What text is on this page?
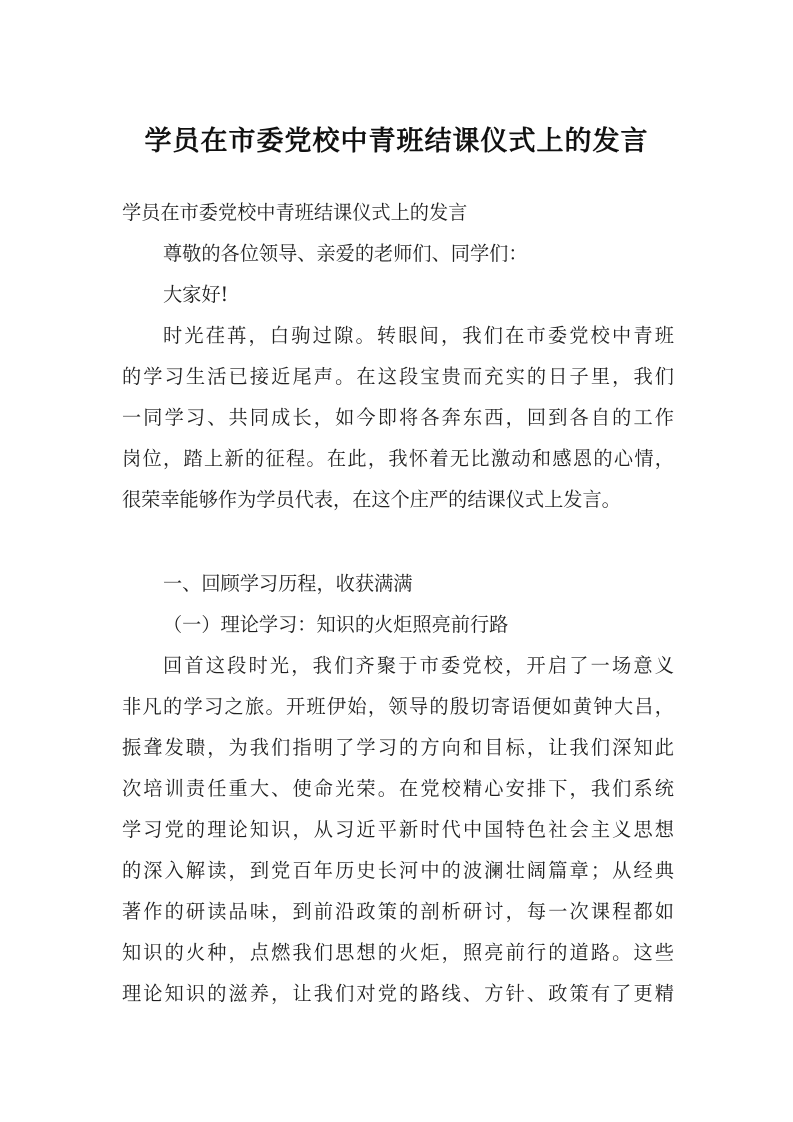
学员在市委党校中青班结课仪式上的发言
学员在市委党校中青班结课仪式上的发言
尊敬的各位领导、亲爱的老师们、同学们：
大家好!
时光荏苒，白驹过隙。转眼间，我们在市委党校中青班
的学习生活已接近尾声。在这段宝贵而充实的日子里，我们
一同学习、共同成长，如今即将各奔东西，回到各自的工作
岗位，踏上新的征程。在此，我怀着无比激动和感恩的心情，
很荣幸能够作为学员代表，在这个庄严的结课仪式上发言。
一、回顾学习历程，收获满满
（一）理论学习：知识的火炬照亮前行路
回首这段时光，我们齐聚于市委党校，开启了一场意义
非凡的学习之旅。开班伊始，领导的殷切寄语便如黄钟大吕，
振聋发聩，为我们指明了学习的方向和目标，让我们深知此
次培训责任重大、使命光荣。在党校精心安排下，我们系统
学习党的理论知识，从习近平新时代中国特色社会主义思想
的深入解读，到党百年历史长河中的波澜壮阔篇章；从经典
著作的研读品味，到前沿政策的剖析研讨，每一次课程都如
知识的火种，点燃我们思想的火炬，照亮前行的道路。这些
理论知识的滋养，让我们对党的路线、方针、政策有了更精
